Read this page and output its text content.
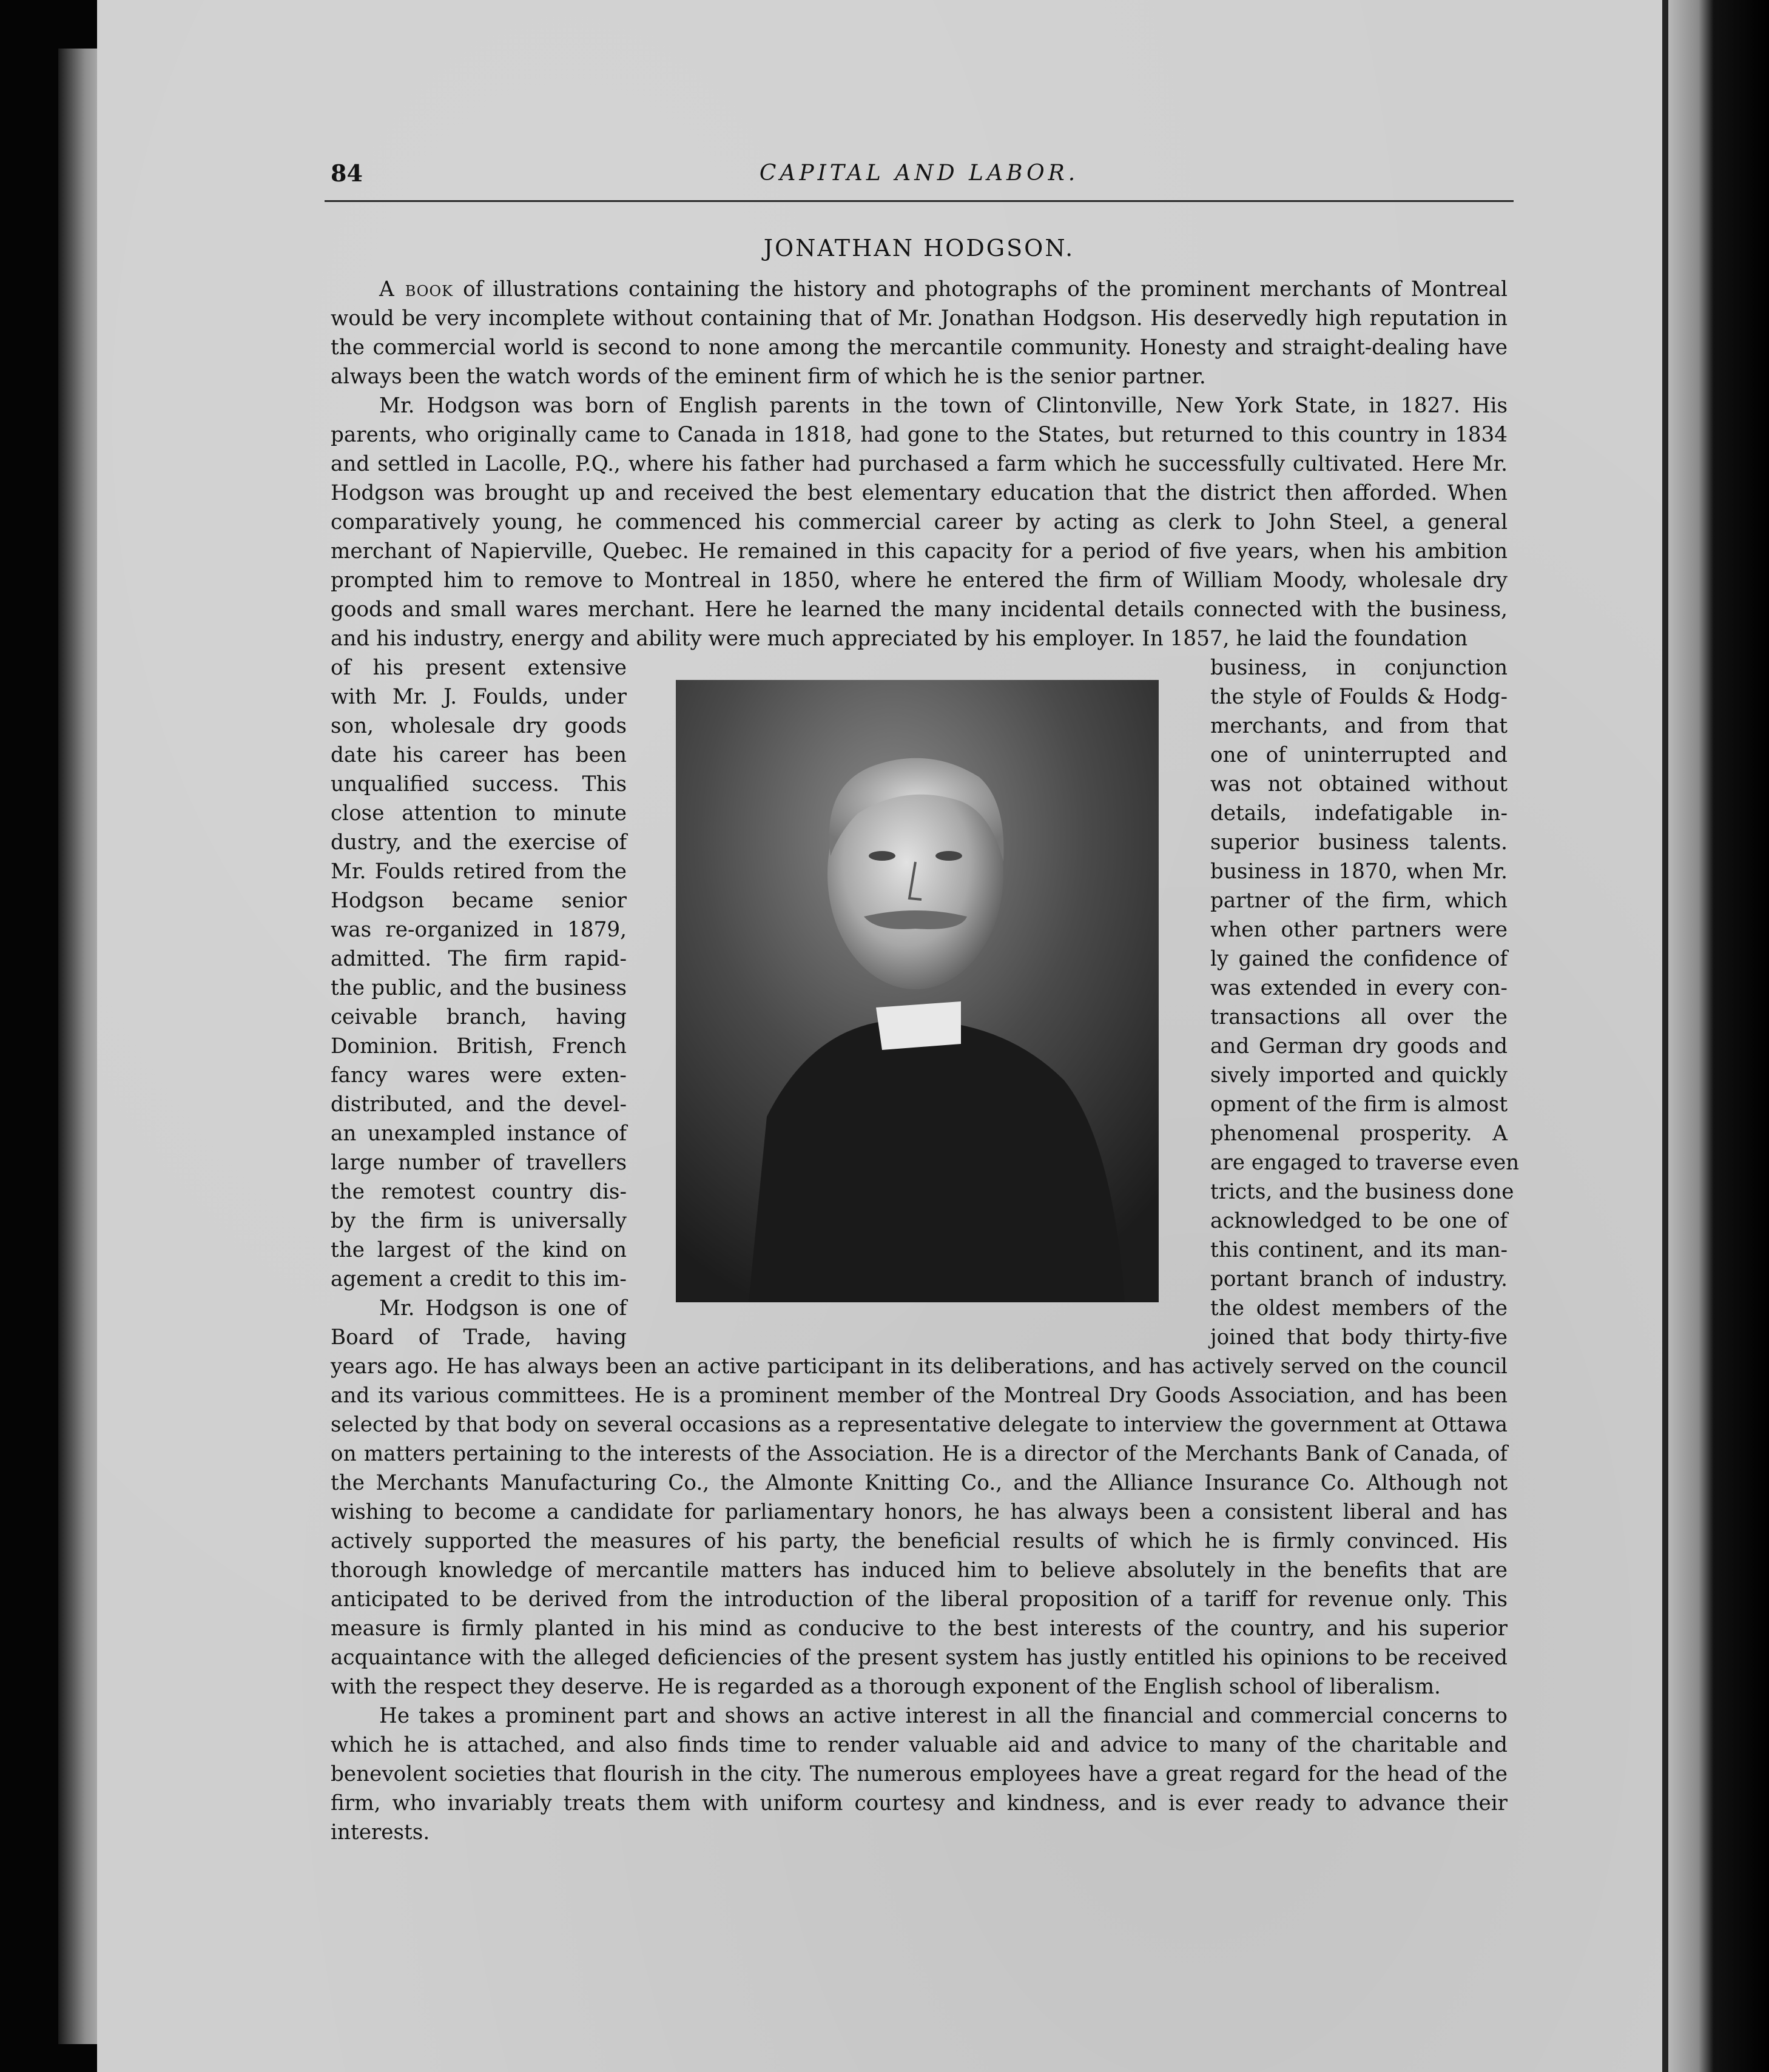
84	CAPITAL AND LABOR.
JONATHAN HODGSON.

A book of illustrations containing the history and photographs of the prominent merchants of Montreal would be very incomplete without containing that of Mr. Jonathan Hodgson. His deservedly high reputation in the commercial world is second to none among the mercantile community. Honesty and straight-dealing have always been the watch words of the eminent firm of which he is the senior partner.

Mr. Hodgson was born of English parents in the town of Clintonville, New York State, in 1827. His parents, who originally came to Canada in 1818, had gone to the States, but returned to this country in 1834 and settled in Lacolle, P.Q., where his father had purchased a farm which he successfully cultivated. Here Mr. Hodgson was brought up and received the best elementary education that the district then afforded. When comparatively young, he commenced his commercial career by acting as clerk to John Steel, a general merchant of Napierville, Quebec. He remained in this capacity for a period of five years, when his ambition prompted him to remove to Montreal in 1850, where he entered the firm of William Moody, wholesale dry goods and small wares merchant. Here he learned the many incidental details connected with the business, and his industry, energy and ability were much appreciated by his employer. In 1857, he laid the foundation

of his present extensive
with Mr. J. Foulds, under
son, wholesale dry goods
date his career has been
unqualified success. This
close attention to minute
dustry, and the exercise of
Mr. Foulds retired from the
Hodgson became senior
was re-organized in 1879,
admitted. The firm rapid-
the public, and the business
ceivable branch, having
Dominion. British, French
fancy wares were exten-
distributed, and the devel-
an unexampled instance of
large number of travellers
the remotest country dis-
by the firm is universally
the largest of the kind on
agement a credit to this im-
Mr. Hodgson is one of
Board of Trade, having
business, in conjunction
the style of Foulds & Hodg-
merchants, and from that
one of uninterrupted and
was not obtained without
details, indefatigable in-
superior business talents.
business in 1870, when Mr.
partner of the firm, which
when other partners were
ly gained the confidence of
was extended in every con-
transactions all over the
and German dry goods and
sively imported and quickly
opment of the firm is almost
phenomenal prosperity. A
are engaged to traverse even
tricts, and the business done
acknowledged to be one of
this continent, and its man-
portant branch of industry.
the oldest members of the
joined that body thirty-five

years ago. He has always been an active participant in its deliberations, and has actively served on the council and its various committees. He is a prominent member of the Montreal Dry Goods Association, and has been selected by that body on several occasions as a representative delegate to interview the government at Ottawa on matters pertaining to the interests of the Association. He is a director of the Merchants Bank of Canada, of the Merchants Manufacturing Co., the Almonte Knitting Co., and the Alliance Insurance Co. Although not wishing to become a candidate for parliamentary honors, he has always been a consistent liberal and has actively supported the measures of his party, the beneficial results of which he is firmly convinced. His thorough knowledge of mercantile matters has induced him to believe absolutely in the benefits that are anticipated to be derived from the introduction of the liberal proposition of a tariff for revenue only. This measure is firmly planted in his mind as conducive to the best interests of the country, and his superior acquaintance with the alleged deficiencies of the present system has justly entitled his opinions to be received with the respect they deserve. He is regarded as a thorough exponent of the English school of liberalism.

He takes a prominent part and shows an active interest in all the financial and commercial concerns to which he is attached, and also finds time to render valuable aid and advice to many of the charitable and benevolent societies that flourish in the city. The numerous employees have a great regard for the head of the firm, who invariably treats them with uniform courtesy and kindness, and is ever ready to advance their interests.
